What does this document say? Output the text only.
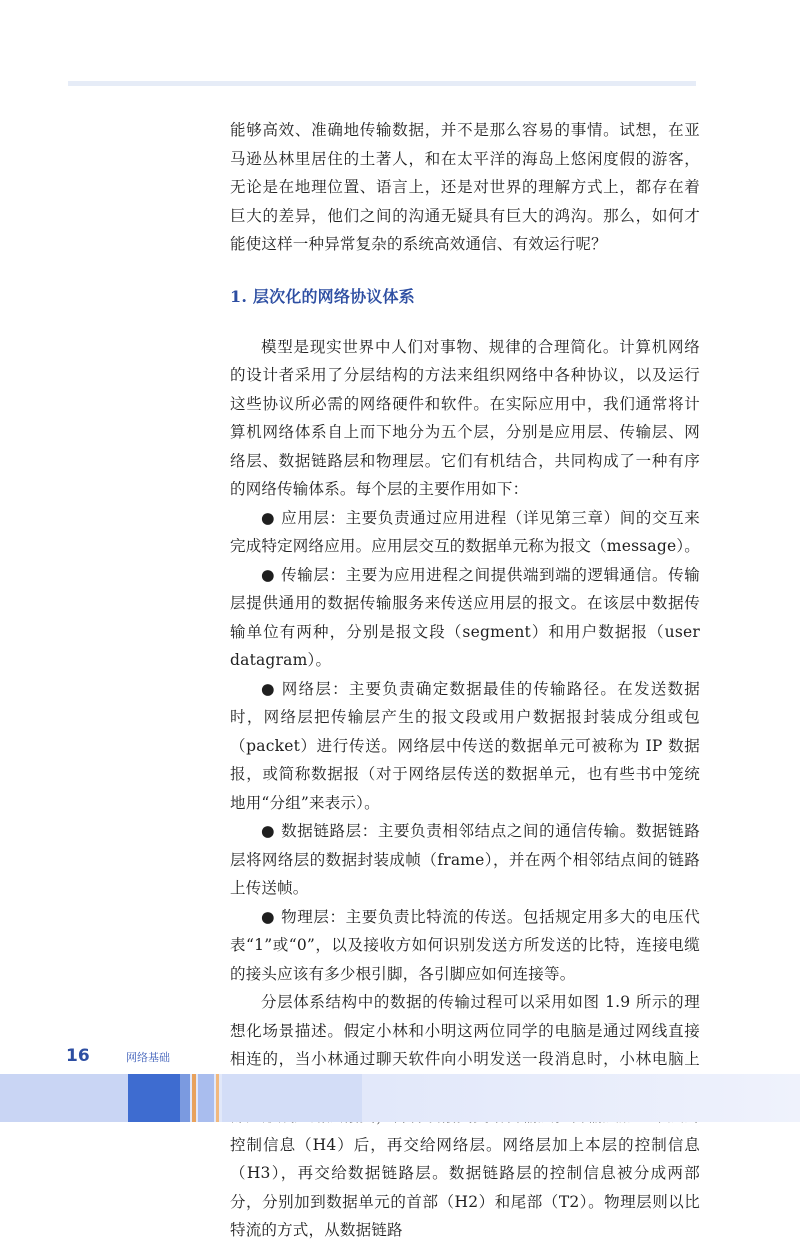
能够高效、准确地传输数据，并不是那么容易的事情。试想，在亚马逊丛林里居住的土著人，和在太平洋的海岛上悠闲度假的游客，无论是在地理位置、语言上，还是对世界的理解方式上，都存在着巨大的差异，他们之间的沟通无疑具有巨大的鸿沟。那么，如何才能使这样一种异常复杂的系统高效通信、有效运行呢？

1. 层次化的网络协议体系

模型是现实世界中人们对事物、规律的合理简化。计算机网络的设计者采用了分层结构的方法来组织网络中各种协议，以及运行这些协议所必需的网络硬件和软件。在实际应用中，我们通常将计算机网络体系自上而下地分为五个层，分别是应用层、传输层、网络层、数据链路层和物理层。它们有机结合，共同构成了一种有序的网络传输体系。每个层的主要作用如下：

● 应用层：主要负责通过应用进程（详见第三章）间的交互来完成特定网络应用。应用层交互的数据单元称为报文（message）。

● 传输层：主要为应用进程之间提供端到端的逻辑通信。传输层提供通用的数据传输服务来传送应用层的报文。在该层中数据传输单位有两种，分别是报文段（segment）和用户数据报（user datagram）。

● 网络层：主要负责确定数据最佳的传输路径。在发送数据时，网络层把传输层产生的报文段或用户数据报封装成分组或包（packet）进行传送。网络层中传送的数据单元可被称为 IP 数据报，或简称数据报（对于网络层传送的数据单元，也有些书中笼统地用“分组”来表示）。

● 数据链路层：主要负责相邻结点之间的通信传输。数据链路层将网络层的数据封装成帧（frame），并在两个相邻结点间的链路上传送帧。

● 物理层：主要负责比特流的传送。包括规定用多大的电压代表“1”或“0”，以及接收方如何识别发送方所发送的比特，连接电缆的接头应该有多少根引脚，各引脚应如何连接等。

分层体系结构中的数据的传输过程可以采用如图 1.9 所示的理想化场景描述。假定小林和小明这两位同学的电脑是通过网线直接相连的，当小林通过聊天软件向小明发送一段消息时，小林电脑上 控制信息（H4）后，再交给网络层。网络层加上本层的控制信息（H3），再交给数据链路层。数据链路层的控制信息被分成两部分，分别加到数据单元的首部（H2）和尾部（T2）。物理层则以比特流的方式，从数据链路

16	网络基础
